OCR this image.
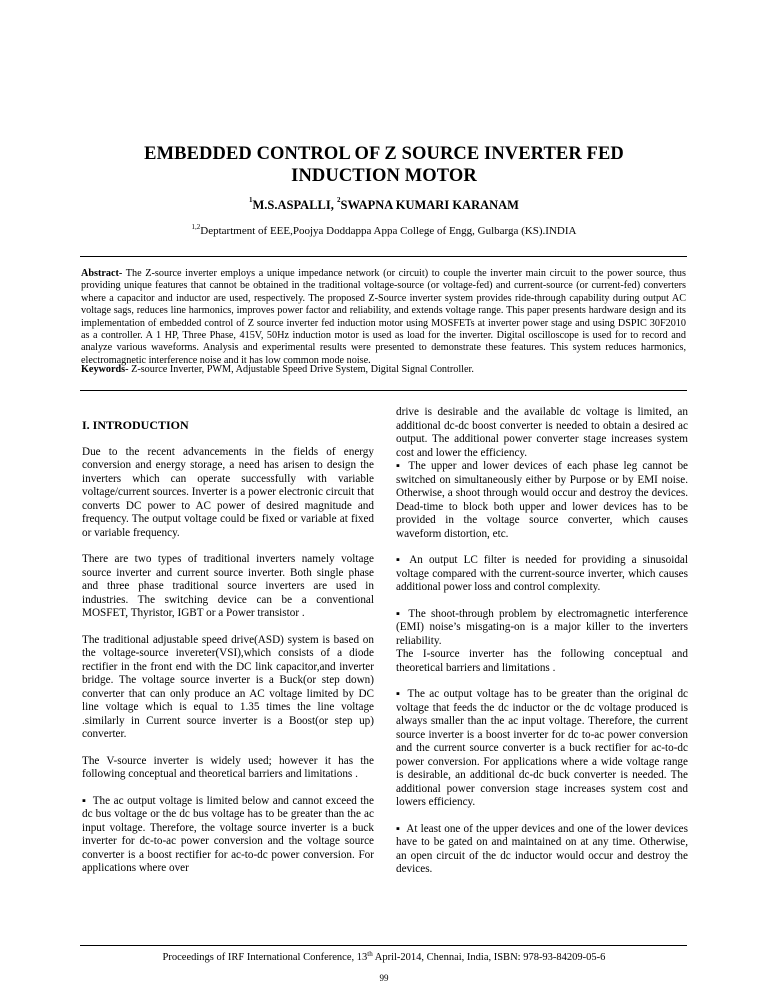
EMBEDDED CONTROL OF Z SOURCE INVERTER FED INDUCTION MOTOR
$^1$M.S.ASPALLI, $^2$SWAPNA KUMARI KARANAM
$^{1,2}$Deptartment of EEE,Poojya Doddappa Appa College of Engg, Gulbarga (KS).INDIA
Abstract- The Z-source inverter employs a unique impedance network (or circuit) to couple the inverter main circuit to the power source, thus providing unique features that cannot be obtained in the traditional voltage-source (or voltage-fed) and current-source (or current-fed) converters where a capacitor and inductor are used, respectively. The proposed Z-Source inverter system provides ride-through capability during output AC voltage sags, reduces line harmonics, improves power factor and reliability, and extends voltage range. This paper presents hardware design and its implementation of embedded control of Z source inverter fed induction motor using MOSFETs at inverter power stage and using DSPIC 30F2010 as a controller. A 1 HP, Three Phase, 415V, 50Hz induction motor is used as load for the inverter. Digital oscilloscope is used for to record and analyze various waveforms. Analysis and experimental results were presented to demonstrate these features. This system reduces harmonics, electromagnetic interference noise and it has low common mode noise.
Keywords- Z-source Inverter, PWM, Adjustable Speed Drive System, Digital Signal Controller.
I. INTRODUCTION

Due to the recent advancements in the fields of energy conversion and energy storage, a need has arisen to design the inverters which can operate successfully with variable voltage/current sources. Inverter is a power electronic circuit that converts DC power to AC power of desired magnitude and frequency. The output voltage could be fixed or variable at fixed or variable frequency.

There are two types of traditional inverters namely voltage source inverter and current source inverter. Both single phase and three phase traditional source inverters are used in industries. The switching device can be a conventional MOSFET, Thyristor, IGBT or a Power transistor .

The traditional adjustable speed drive(ASD) system is based on the voltage-source invereter(VSI),which consists of a diode rectifier in the front end with the DC link capacitor,and inverter bridge. The voltage source inverter is a Buck(or step down) converter that can only produce an AC voltage limited by DC line voltage which is equal to 1.35 times the line voltage .similarly in Current source inverter is a Boost(or step up) converter.

The V-source inverter is widely used; however it has the following conceptual and theoretical barriers and limitations .

▪ The ac output voltage is limited below and cannot exceed the dc bus voltage or the dc bus voltage has to be greater than the ac input voltage. Therefore, the voltage source inverter is a buck inverter for dc-to-ac power conversion and the voltage source converter is a boost rectifier for ac-to-dc power conversion. For applications where over

drive is desirable and the available dc voltage is limited, an additional dc-dc boost converter is needed to obtain a desired ac output. The additional power converter stage increases system cost and lower the efficiency.

▪ The upper and lower devices of each phase leg cannot be switched on simultaneously either by Purpose or by EMI noise. Otherwise, a shoot through would occur and destroy the devices. Dead-time to block both upper and lower devices has to be provided in the voltage source converter, which causes waveform distortion, etc.

▪ An output LC filter is needed for providing a sinusoidal voltage compared with the current-source inverter, which causes additional power loss and control complexity.

▪ The shoot-through problem by electromagnetic interference (EMI) noise’s misgating-on is a major killer to the inverters reliability.

The I-source inverter has the following conceptual and theoretical barriers and limitations .

▪ The ac output voltage has to be greater than the original dc voltage that feeds the dc inductor or the dc voltage produced is always smaller than the ac input voltage. Therefore, the current source inverter is a boost inverter for dc to-ac power conversion and the current source converter is a buck rectifier for ac-to-dc power conversion. For applications where a wide voltage range is desirable, an additional dc-dc buck converter is needed. The additional power conversion stage increases system cost and lowers efficiency.

▪ At least one of the upper devices and one of the lower devices have to be gated on and maintained on at any time. Otherwise, an open circuit of the dc inductor would occur and destroy the devices.

Proceedings of IRF International Conference, 13th April-2014, Chennai, India, ISBN: 978-93-84209-05-6
99
